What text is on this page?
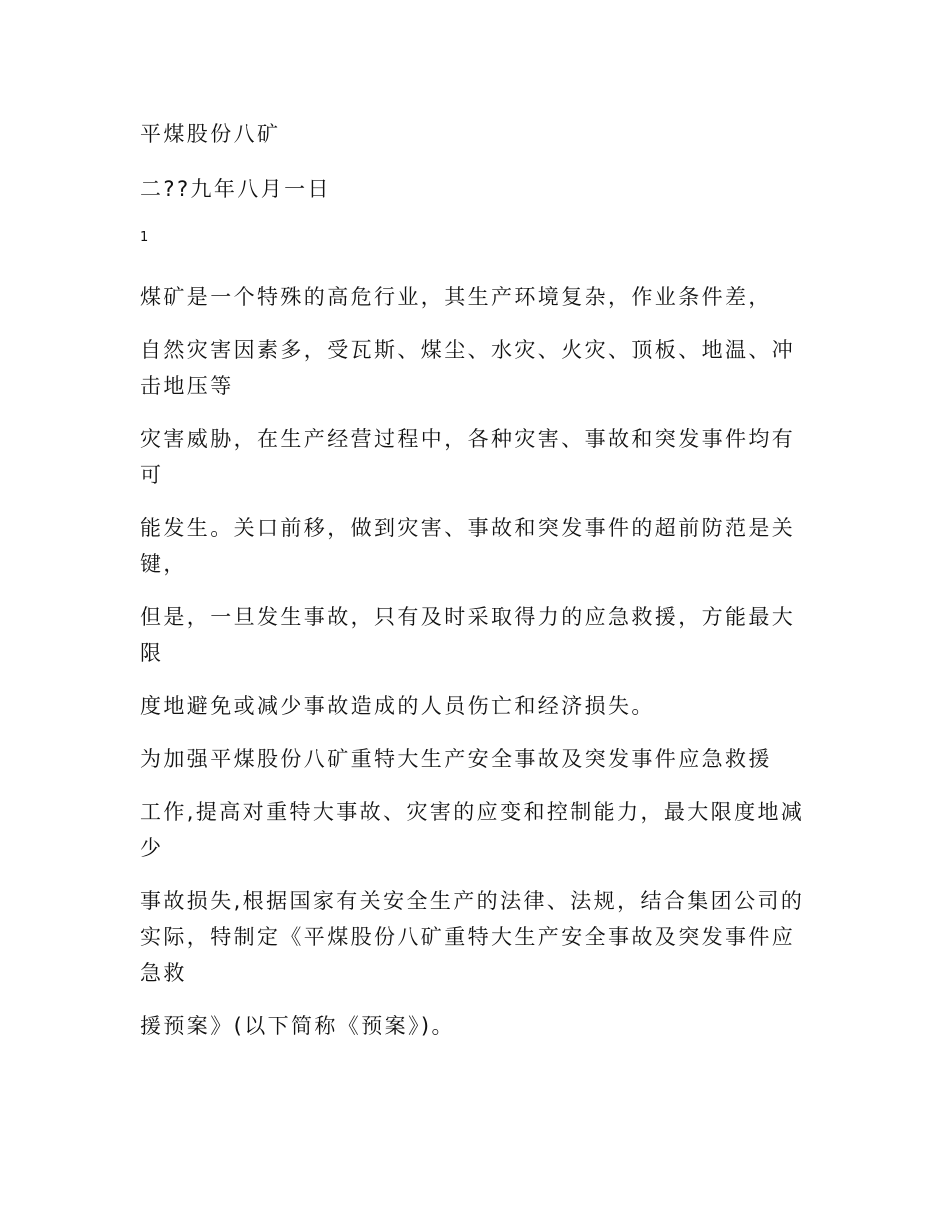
平煤股份八矿

二??九年八月一日

1

煤矿是一个特殊的高危行业，其生产环境复杂，作业条件差，

自然灾害因素多，受瓦斯、煤尘、水灾、火灾、顶板、地温、冲击地压等

灾害威胁，在生产经营过程中，各种灾害、事故和突发事件均有可

能发生。关口前移，做到灾害、事故和突发事件的超前防范是关键，

但是，一旦发生事故，只有及时采取得力的应急救援，方能最大限

度地避免或减少事故造成的人员伤亡和经济损失。

为加强平煤股份八矿重特大生产安全事故及突发事件应急救援

工作,提高对重特大事故、灾害的应变和控制能力，最大限度地减少

事故损失,根据国家有关安全生产的法律、法规，结合集团公司的实际，特制定《平煤股份八矿重特大生产安全事故及突发事件应急救

援预案》(以下简称《预案》)。
